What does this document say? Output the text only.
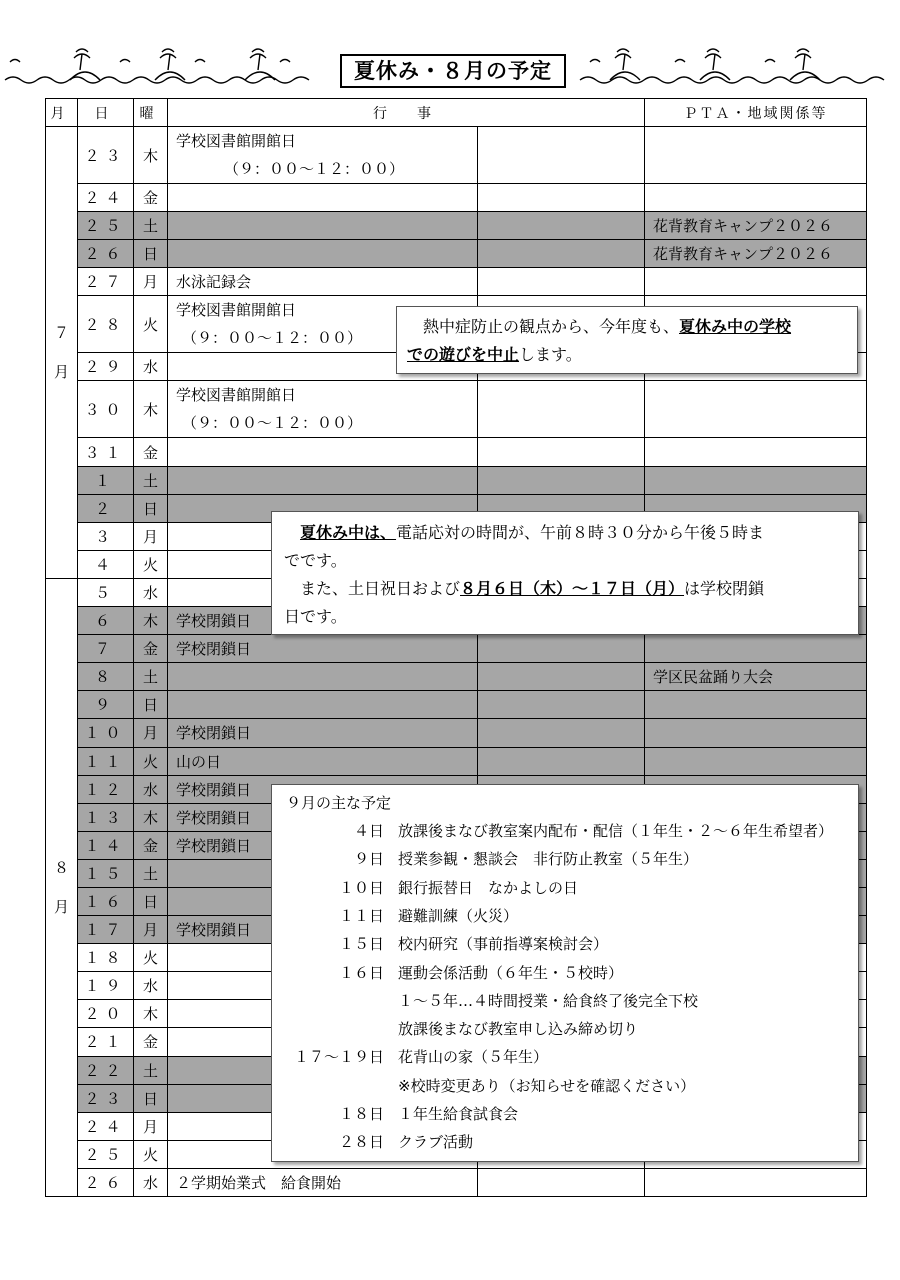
夏休み・８月の予定
月	日	曜	行　事		ＰＴＡ・地域関係等
７

月	２３	木	学校図書館開館日
（９：００～１２：００）		

	２４	金			
	２５	土			花背教育キャンプ２０２６
	２６	日			花背教育キャンプ２０２６
	２７	月	水泳記録会		
	２８	火	学校図書館開館日
（９：００～１２：００）		

	２９	水			
	３０	木	学校図書館開館日
（９：００～１２：００）		

	３１	金			
	１	土			
	２	日			
	３	月			
	４	火			
８

月	５	水			
	６	木	学校閉鎖日		
	７	金	学校閉鎖日		
	８	土			学区民盆踊り大会
	９	日			
	１０	月	学校閉鎖日		
	１１	火	山の日		
	１２	水	学校閉鎖日		
	１３	木	学校閉鎖日		
	１４	金	学校閉鎖日		
	１５	土			
	１６	日			
	１７	月	学校閉鎖日		
	１８	火			
	１９	水			
	２０	木			
	２１	金			
	２２	土			
	２３	日			
	２４	月			
	２５	火			
	２６	水	２学期始業式　給食開始		
　熱中症防止の観点から、今年度も、夏休み中の学校
での遊びを中止します。
　夏休み中は、電話応対の時間が、午前８時３０分から午後５時ま
でです。
　また、土日祝日および８月６日（木）～１７日（月）は学校閉鎖
日です。
９月の主な予定
４日 放課後まなび教室案内配布・配信（１年生・２～６年生希望者）
９日 授業参観・懇談会　非行防止教室（５年生）
１０日 銀行振替日　なかよしの日
１１日 避難訓練（火災）
１５日 校内研究（事前指導案検討会）
１６日 運動会係活動（６年生・５校時）
１～５年…４時間授業・給食終了後完全下校
放課後まなび教室申し込み締め切り
１７～１９日 花背山の家（５年生）
※校時変更あり（お知らせを確認ください）
１８日 １年生給食試食会
２８日 クラブ活動
